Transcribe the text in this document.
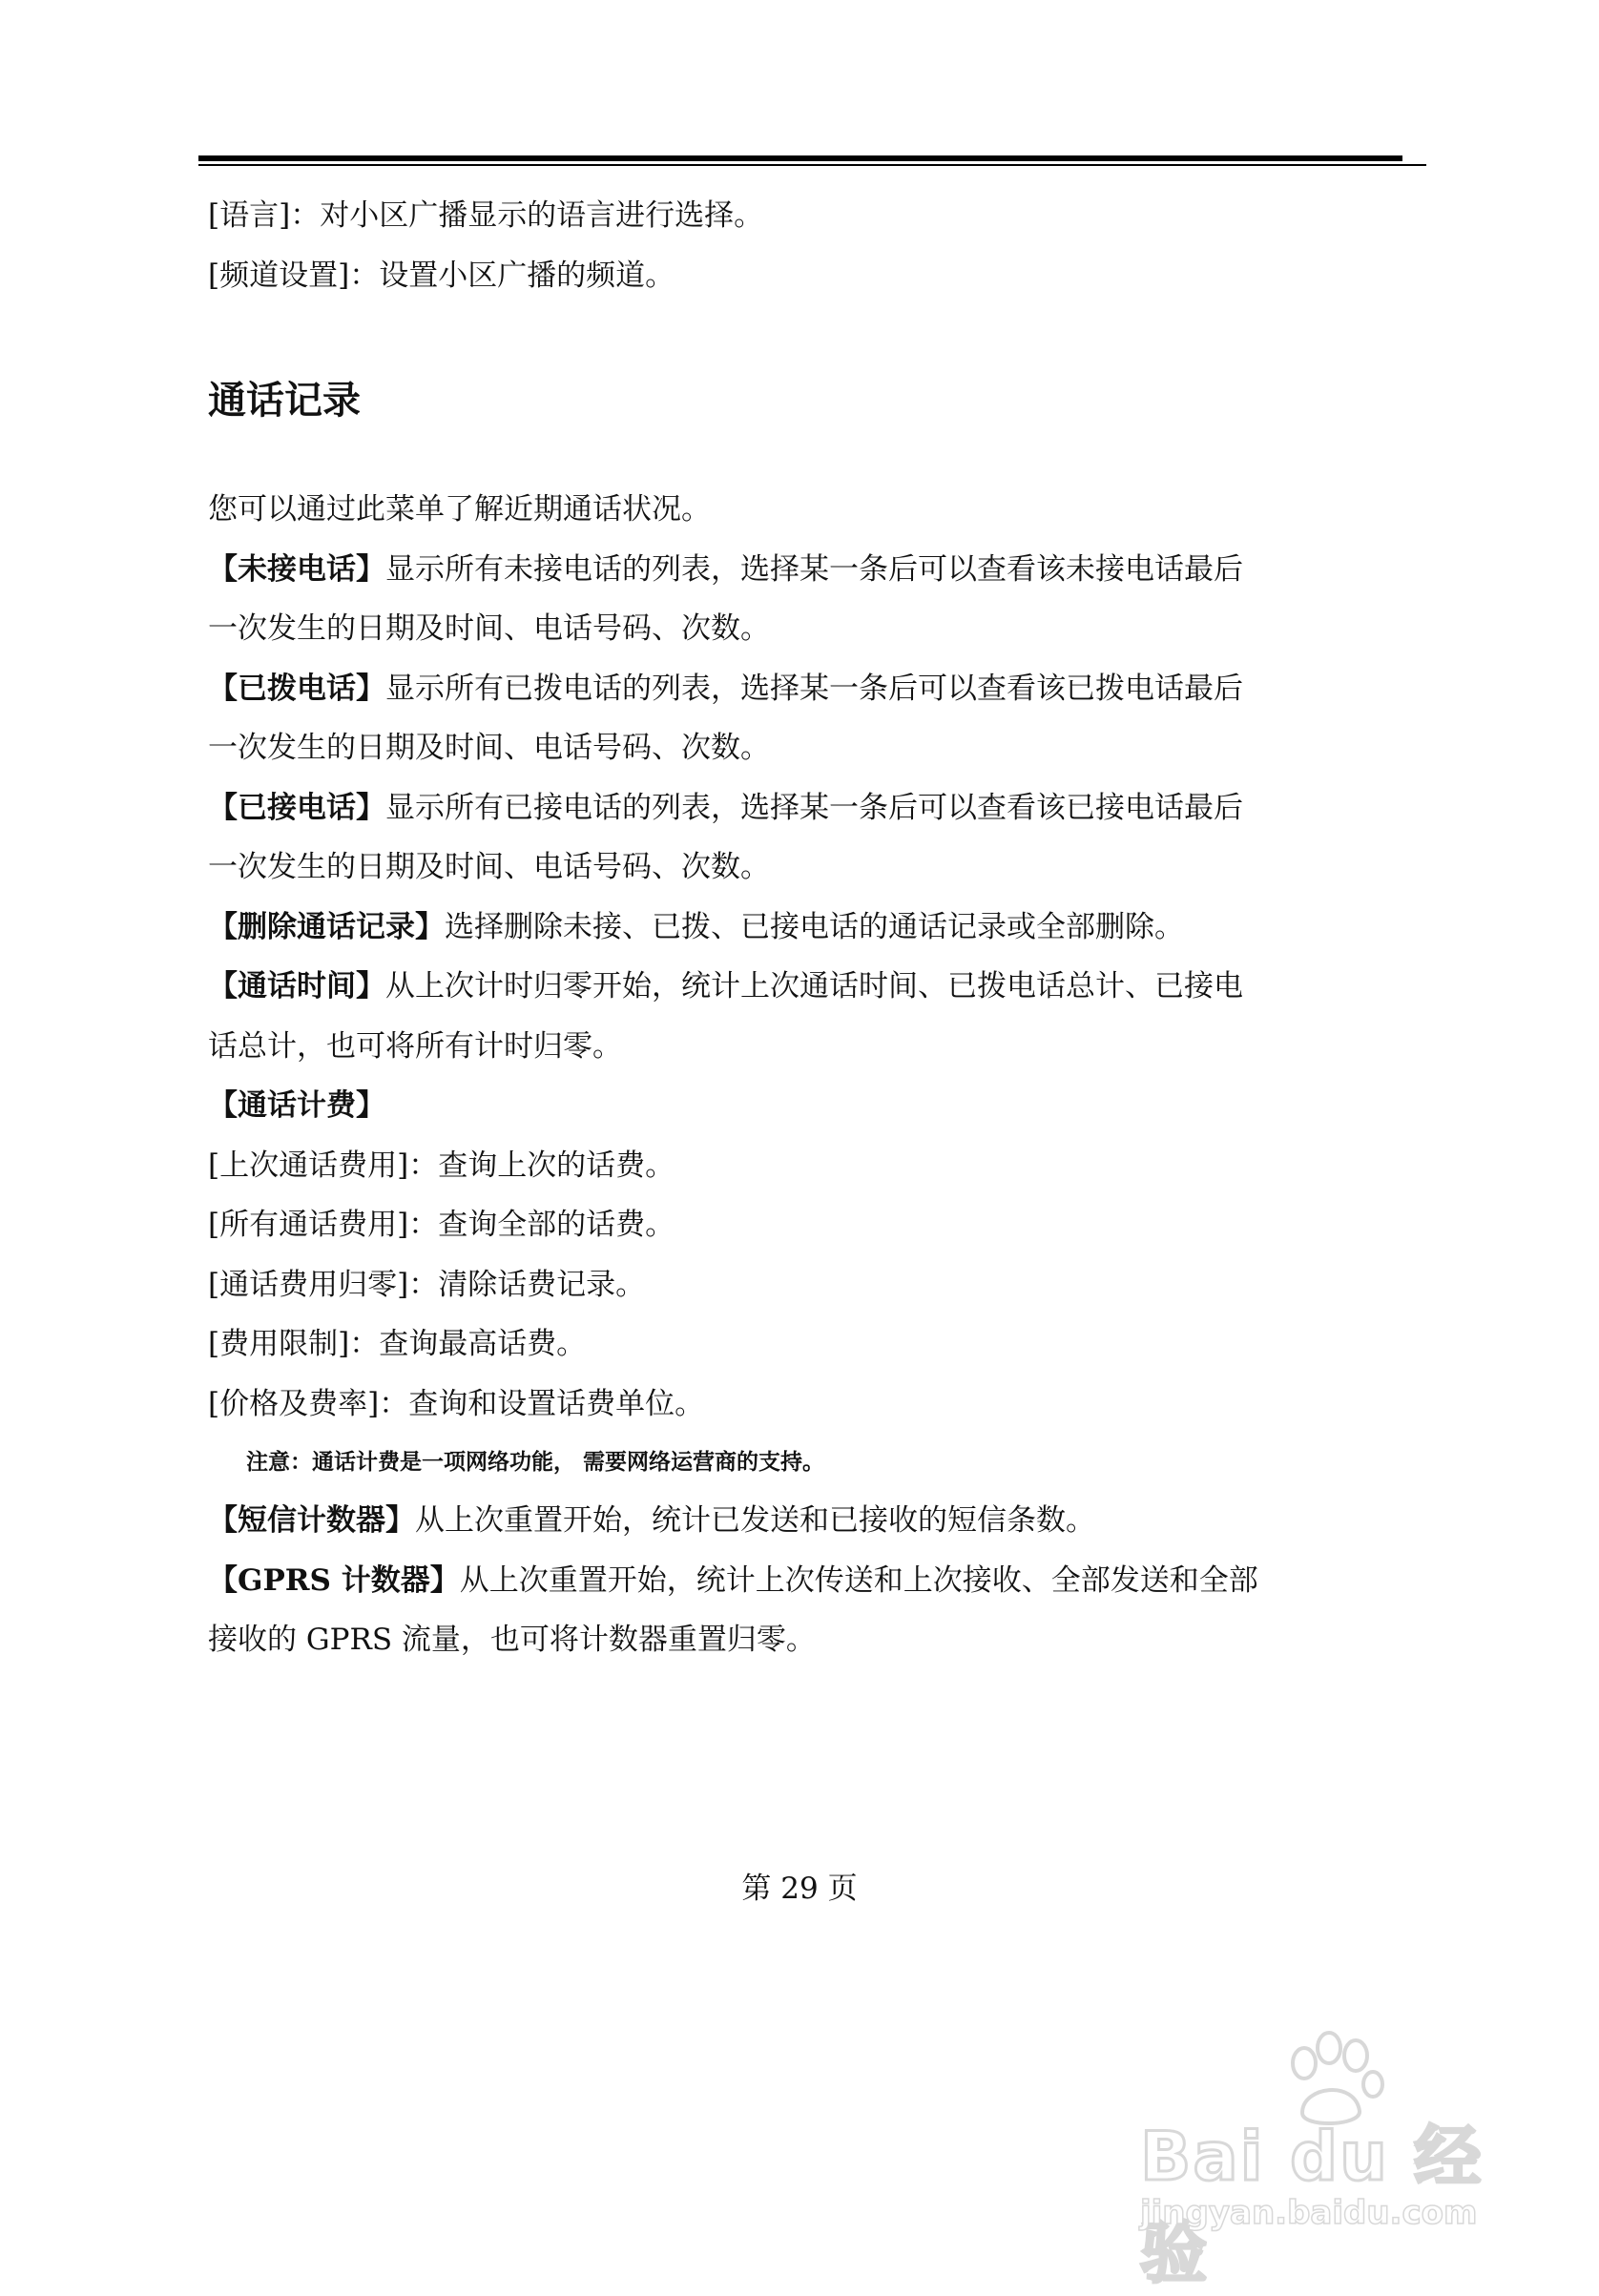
[语言]：对小区广播显示的语言进行选择。
[频道设置]：设置小区广播的频道。
通话记录
您可以通过此菜单了解近期通话状况。
【未接电话】显示所有未接电话的列表，选择某一条后可以查看该未接电话最后
一次发生的日期及时间、电话号码、次数。
【已拨电话】显示所有已拨电话的列表，选择某一条后可以查看该已拨电话最后
一次发生的日期及时间、电话号码、次数。
【已接电话】显示所有已接电话的列表，选择某一条后可以查看该已接电话最后
一次发生的日期及时间、电话号码、次数。
【删除通话记录】选择删除未接、已拨、已接电话的通话记录或全部删除。
【通话时间】从上次计时归零开始，统计上次通话时间、已拨电话总计、已接电
话总计，也可将所有计时归零。
【通话计费】
[上次通话费用]：查询上次的话费。
[所有通话费用]：查询全部的话费。
[通话费用归零]：清除话费记录。
[费用限制]：查询最高话费。
[价格及费率]：查询和设置话费单位。
注意：通话计费是一项网络功能， 需要网络运营商的支持。
【短信计数器】从上次重置开始，统计已发送和已接收的短信条数。
【GPRS 计数器】从上次重置开始，统计上次传送和上次接收、全部发送和全部
接收的 GPRS 流量，也可将计数器重置归零。
第 29 页
Bai du 经验
jingyan.baidu.com
